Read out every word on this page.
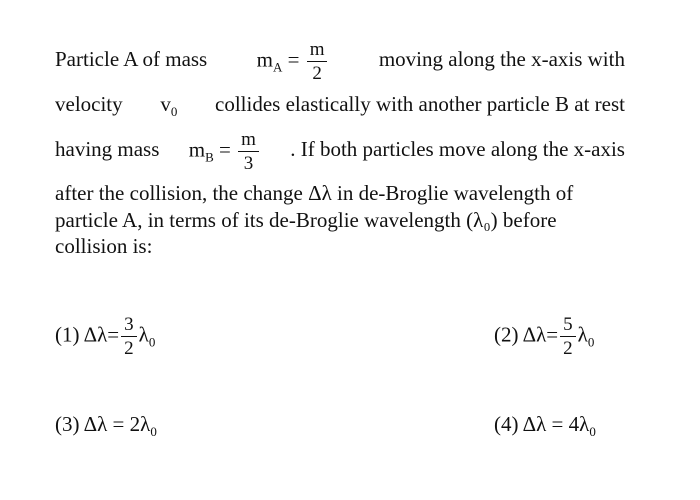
Particle A of mass $m_A = \frac{m}{2}$ moving along the x-axis with
velocity $v_0$ collides elastically with another particle B at rest
having mass $m_B = \frac{m}{3}$ . If both particles move along the x-axis
after the collision, the change Δλ in de-Broglie wavelength of
particle A, in terms of its de-Broglie wavelength (λ₀) before
collision is:
(1) $\Delta\lambda= \frac{3}{2} \lambda_0$	(2) $\Delta\lambda= \frac{5}{2} \lambda_0$
(3) $\Delta\lambda = 2\lambda_0$	(4) $\Delta\lambda = 4\lambda_0$
